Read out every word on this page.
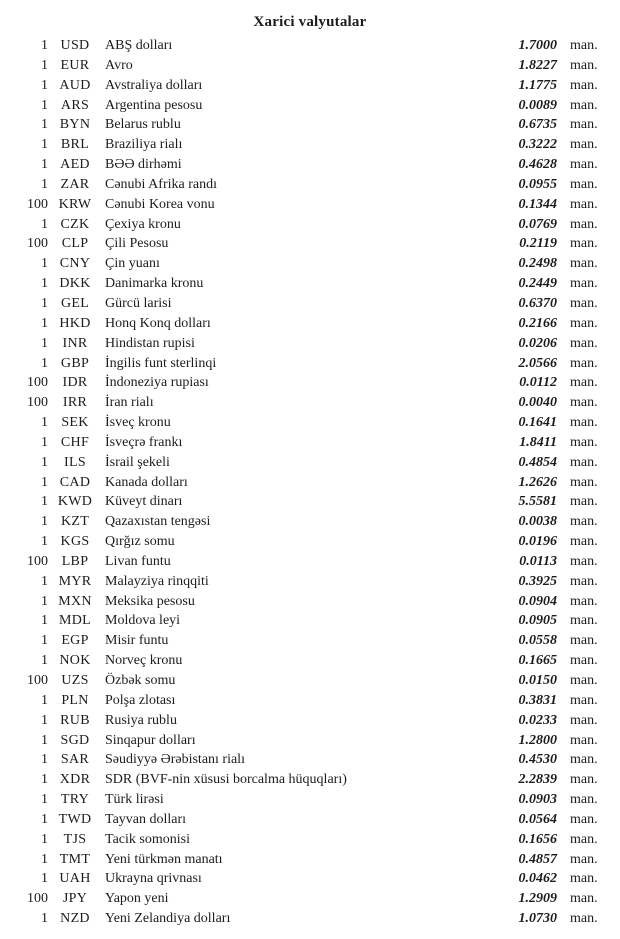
Xarici valyutalar
1 USD	ABŞ dolları	1.7000 man.
1 EUR	Avro	1.8227 man.
1 AUD	Avstraliya dolları	1.1775 man.
1 ARS	Argentina pesosu	0.0089 man.
1 BYN	Belarus rublu	0.6735 man.
1 BRL	Braziliya rialı	0.3222 man.
1 AED	BƏƏ dirhəmi	0.4628 man.
1 ZAR	Cənubi Afrika randı	0.0955 man.
100 KRW Cənubi Korea vonu	0.1344 man.
1 CZK	Çexiya kronu	0.0769 man.
100 CLP	Çili Pesosu	0.2119 man.
1 CNY	Çin yuanı	0.2498 man.
1 DKK	Danimarka kronu	0.2449 man.
1 GEL	Gürcü larisi	0.6370 man.
1 HKD	Honq Konq dolları	0.2166 man.
1	INR	Hindistan rupisi	0.0206 man.
1 GBP	İngilis funt sterlinqi	2.0566 man.
100	IDR	İndoneziya rupiası	0.0112 man.
100	IRR	İran rialı	0.0040 man.
1 SEK	İsveç kronu	0.1641 man.
1 CHF	İsveçrə frankı	1.8411 man.
1	ILS	İsrail şekeli	0.4854 man.
1 CAD	Kanada dolları	1.2626 man.
1 KWD Küveyt dinarı	5.5581 man.
1 KZT	Qazaxıstan tengəsi	0.0038 man.
1 KGS	Qırğız somu	0.0196 man.
100 LBP	Livan funtu	0.0113 man.
1 MYR Malayziya rinqqiti	0.3925 man.
1 MXN Meksika pesosu	0.0904 man.
1 MDL	Moldova leyi	0.0905 man.
1 EGP	Misir funtu	0.0558 man.
1 NOK	Norveç kronu	0.1665 man.
100 UZS	Özbək somu	0.0150 man.
1 PLN	Polşa zlotası	0.3831 man.
1 RUB	Rusiya rublu	0.0233 man.
1 SGD	Sinqapur dolları	1.2800 man.
1 SAR	Səudiyyə Ərəbistanı rialı	0.4530 man.
1 XDR	SDR (BVF-nin xüsusi borcalma hüquqları)	2.2839 man.
1 TRY	Türk lirəsi	0.0903 man.
1 TWD Tayvan dolları	0.0564 man.
1	TJS	Tacik somonisi	0.1656 man.
1 TMT	Yeni türkmən manatı	0.4857 man.
1 UAH	Ukrayna qrivnası	0.0462 man.
100	JPY	Yapon yeni	1.2909 man.
1 NZD	Yeni Zelandiya dolları	1.0730 man.
